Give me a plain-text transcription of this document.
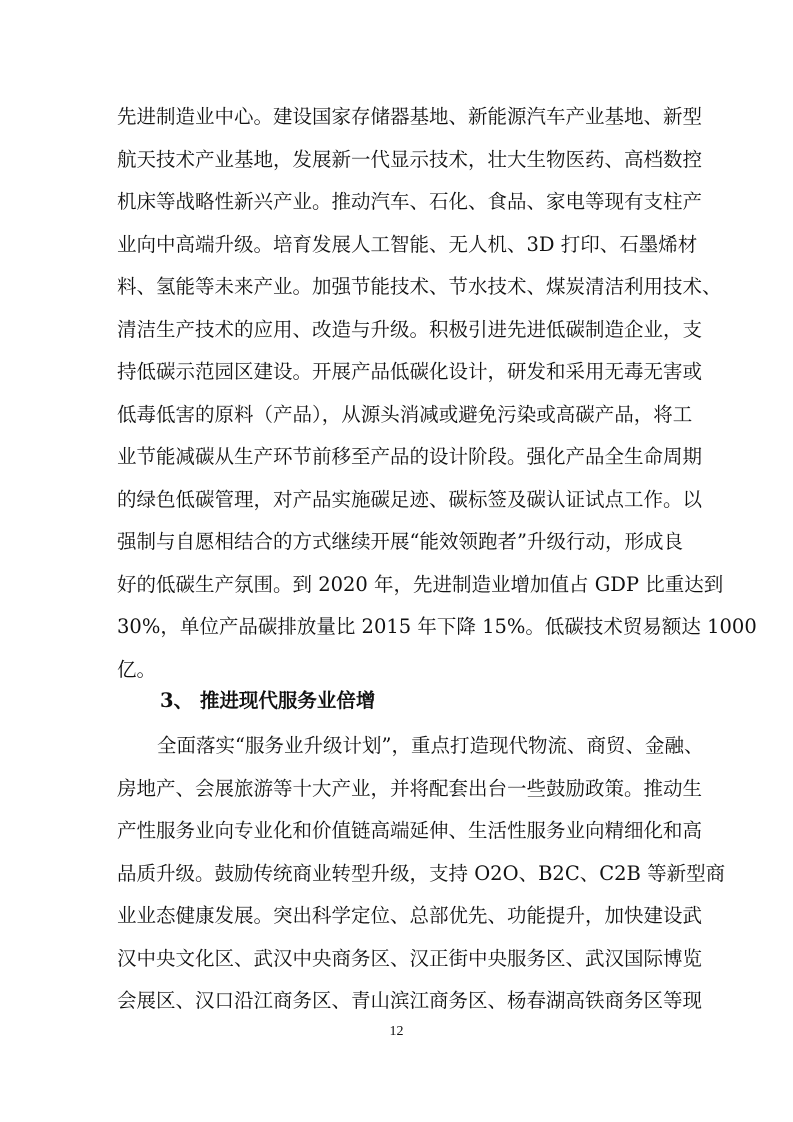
先进制造业中心。建设国家存储器基地、新能源汽车产业基地、新型
航天技术产业基地，发展新一代显示技术，壮大生物医药、高档数控
机床等战略性新兴产业。推动汽车、石化、食品、家电等现有支柱产
业向中高端升级。培育发展人工智能、无人机、3D 打印、石墨烯材
料、氢能等未来产业。加强节能技术、节水技术、煤炭清洁利用技术、
清洁生产技术的应用、改造与升级。积极引进先进低碳制造企业，支
持低碳示范园区建设。开展产品低碳化设计，研发和采用无毒无害或
低毒低害的原料（产品），从源头消减或避免污染或高碳产品，将工
业节能减碳从生产环节前移至产品的设计阶段。强化产品全生命周期
的绿色低碳管理，对产品实施碳足迹、碳标签及碳认证试点工作。以
强制与自愿相结合的方式继续开展“能效领跑者”升级行动，形成良
好的低碳生产氛围。到 2020 年，先进制造业增加值占 GDP 比重达到
30%，单位产品碳排放量比 2015 年下降 15%。低碳技术贸易额达 1000
亿。
3、 推进现代服务业倍增
全面落实“服务业升级计划”，重点打造现代物流、商贸、金融、
房地产、会展旅游等十大产业，并将配套出台一些鼓励政策。推动生
产性服务业向专业化和价值链高端延伸、生活性服务业向精细化和高
品质升级。鼓励传统商业转型升级，支持 O2O、B2C、C2B 等新型商
业业态健康发展。突出科学定位、总部优先、功能提升，加快建设武
汉中央文化区、武汉中央商务区、汉正街中央服务区、武汉国际博览
会展区、汉口沿江商务区、青山滨江商务区、杨春湖高铁商务区等现
12
